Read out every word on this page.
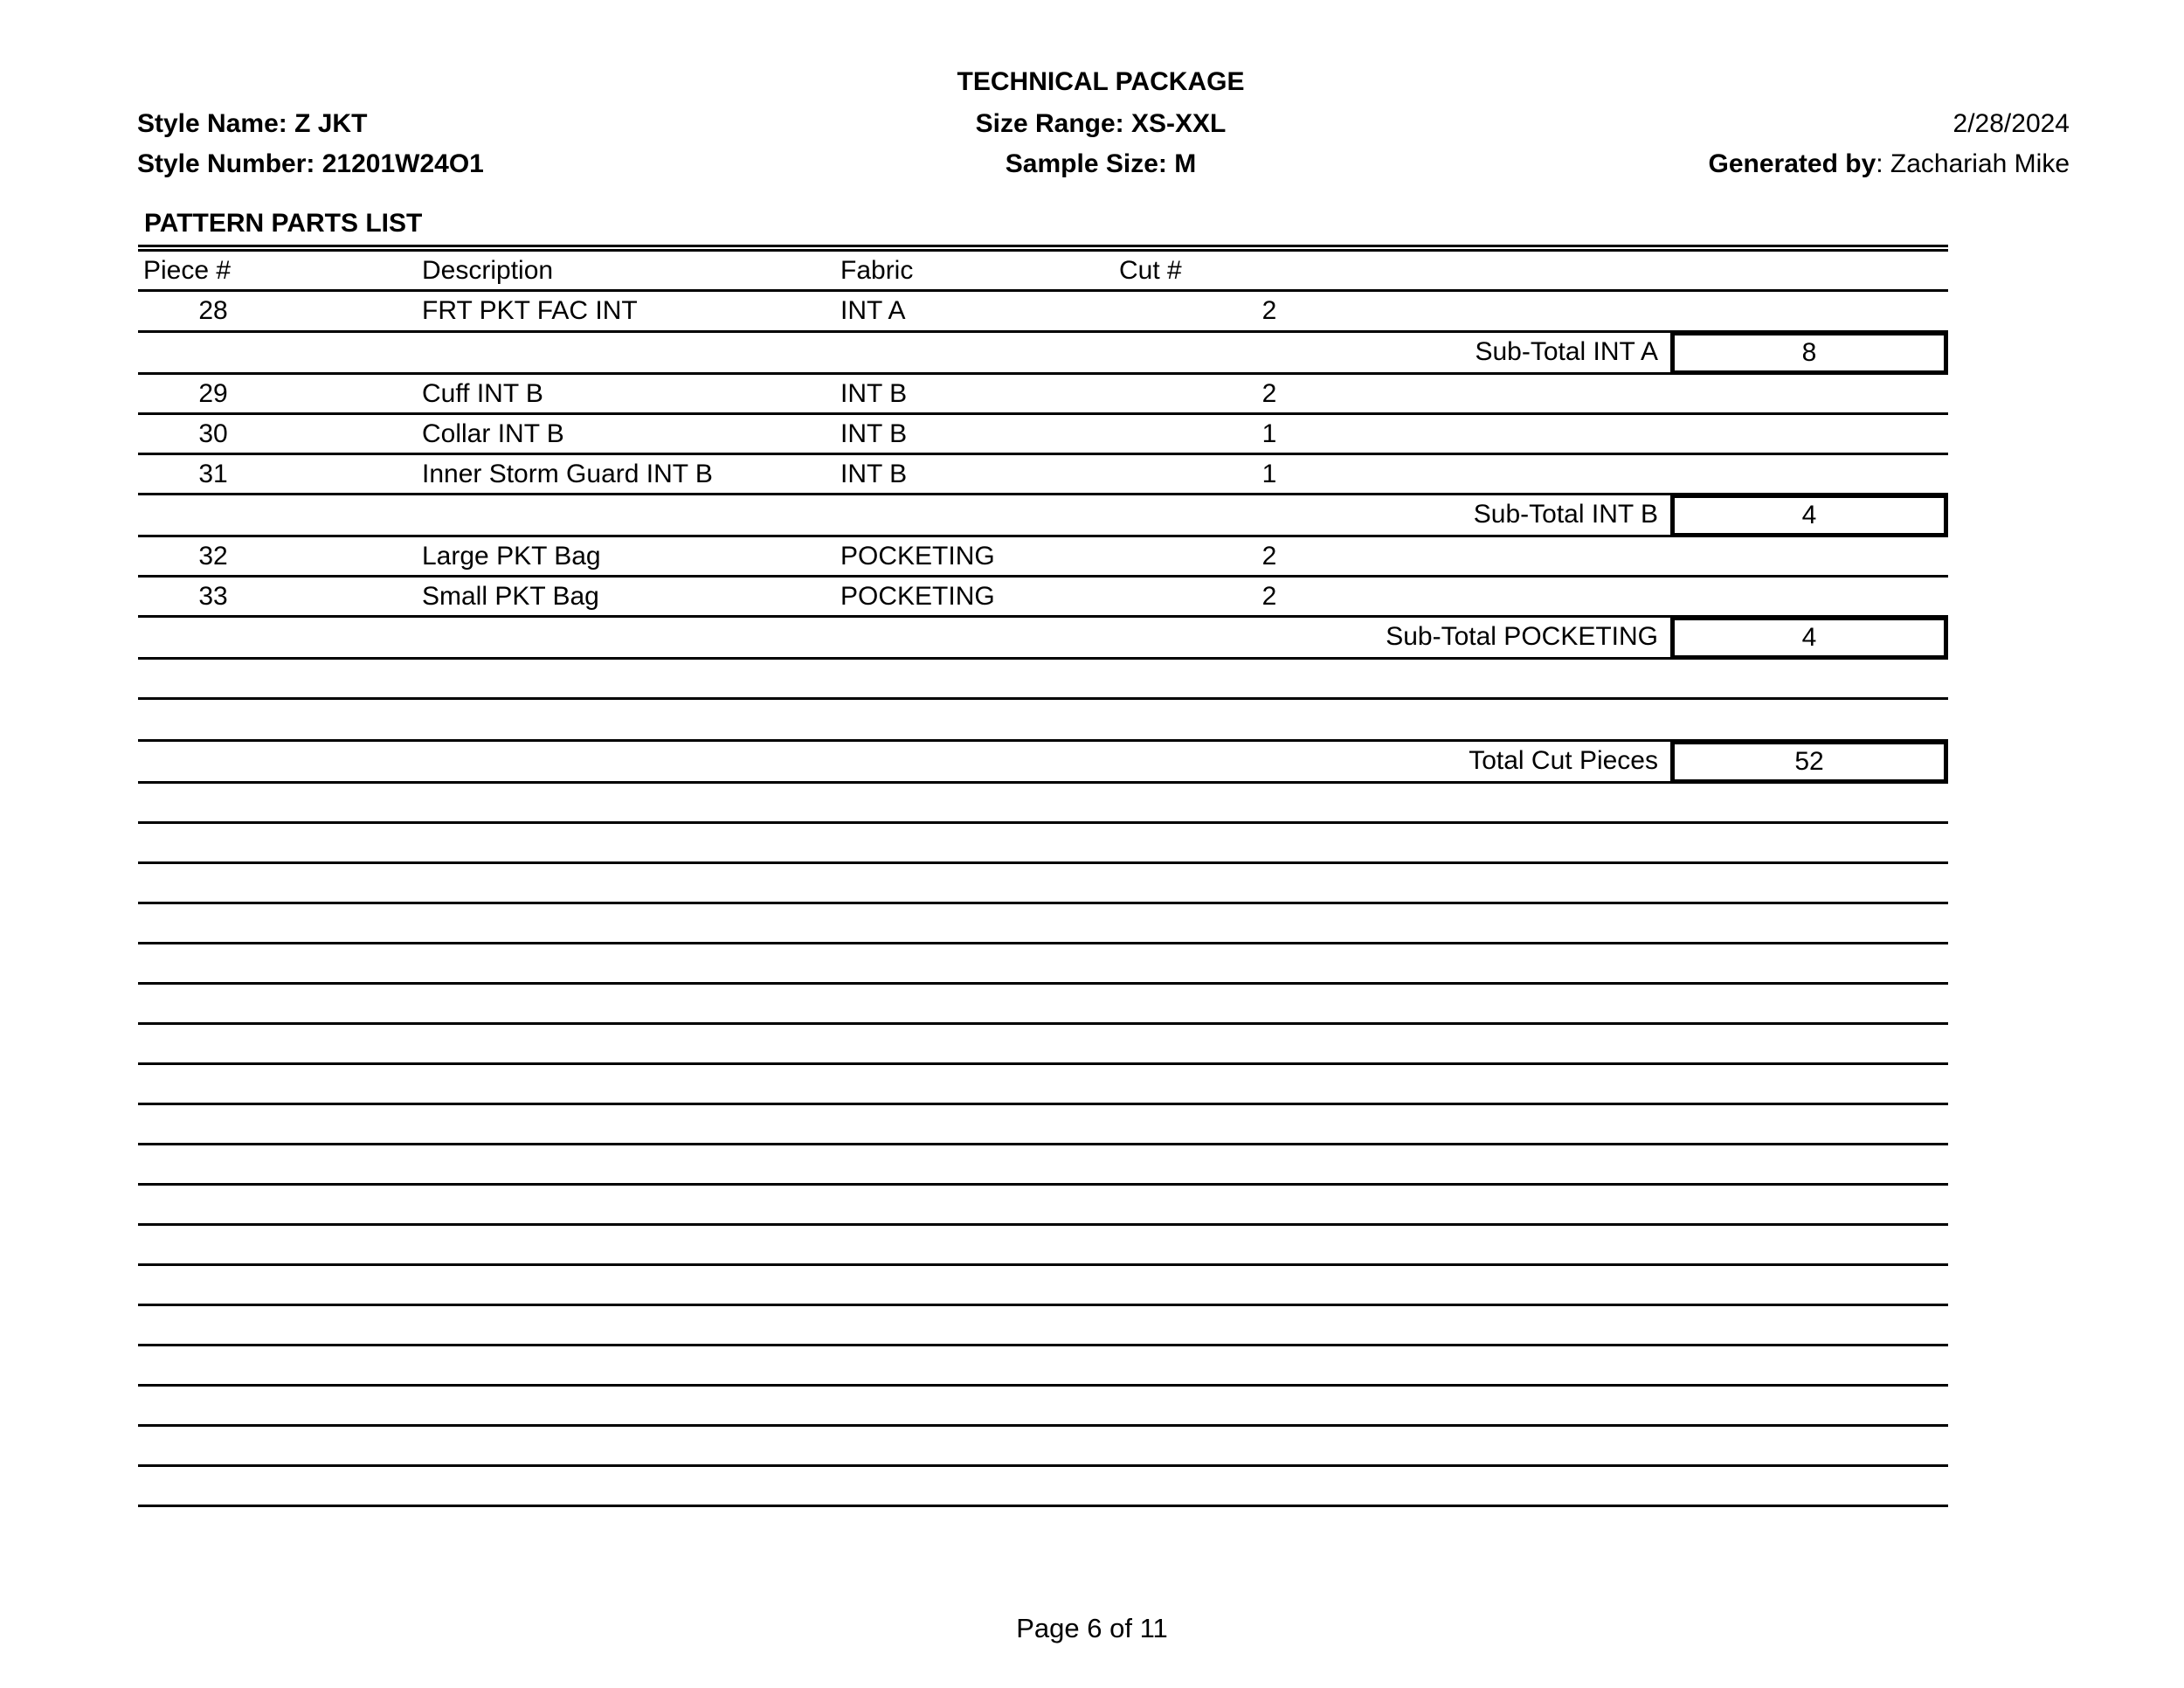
TECHNICAL PACKAGE
Style Name: Z JKT
Style Number: 21201W24O1
Size Range: XS-XXL
Sample Size: M
2/28/2024
Generated by: Zachariah Mike
PATTERN PARTS LIST
Piece #	Description	Fabric	Cut #
28	FRT PKT FAC INT	INT A	2
Sub-Total INT A	8
29	Cuff INT B	INT B	2
30	Collar INT B	INT B	1
31	Inner Storm Guard INT B	INT B	1
Sub-Total INT B	4
32	Large PKT Bag	POCKETING	2
33	Small PKT Bag	POCKETING	2
Sub-Total POCKETING	4
Total Cut Pieces	52
Page 6 of 11
